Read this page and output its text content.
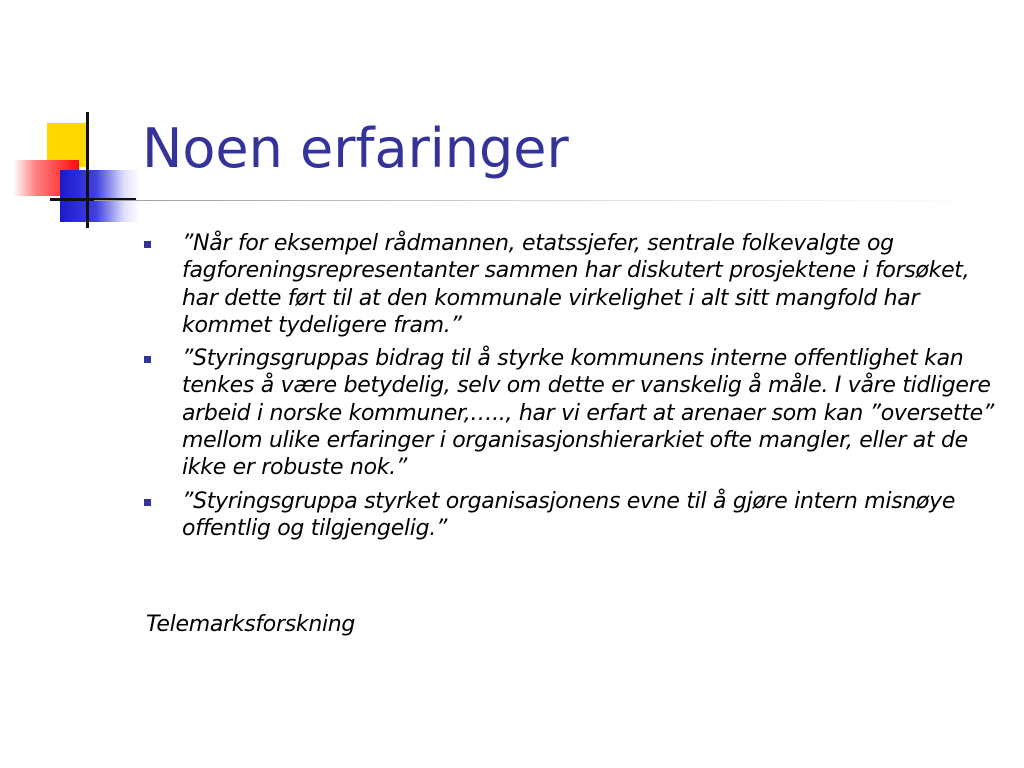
Noen erfaringer
”Når for eksempel rådmannen, etatssjefer, sentrale folkevalgte og fagforeningsrepresentanter sammen har diskutert prosjektene i forsøket, har dette ført til at den kommunale virkelighet i alt sitt mangfold har kommet tydeligere fram.”
”Styringsgruppas bidrag til å styrke kommunens interne offentlighet kan tenkes å være betydelig, selv om dette er vanskelig å måle. I våre tidligere arbeid i norske kommuner,….., har vi erfart at arenaer som kan ”oversette” mellom ulike erfaringer i organisasjonshierarkiet ofte mangler, eller at de ikke er robuste nok.”
”Styringsgruppa styrket organisasjonens evne til å gjøre intern misnøye offentlig og tilgjengelig.”

Telemarksforskning
